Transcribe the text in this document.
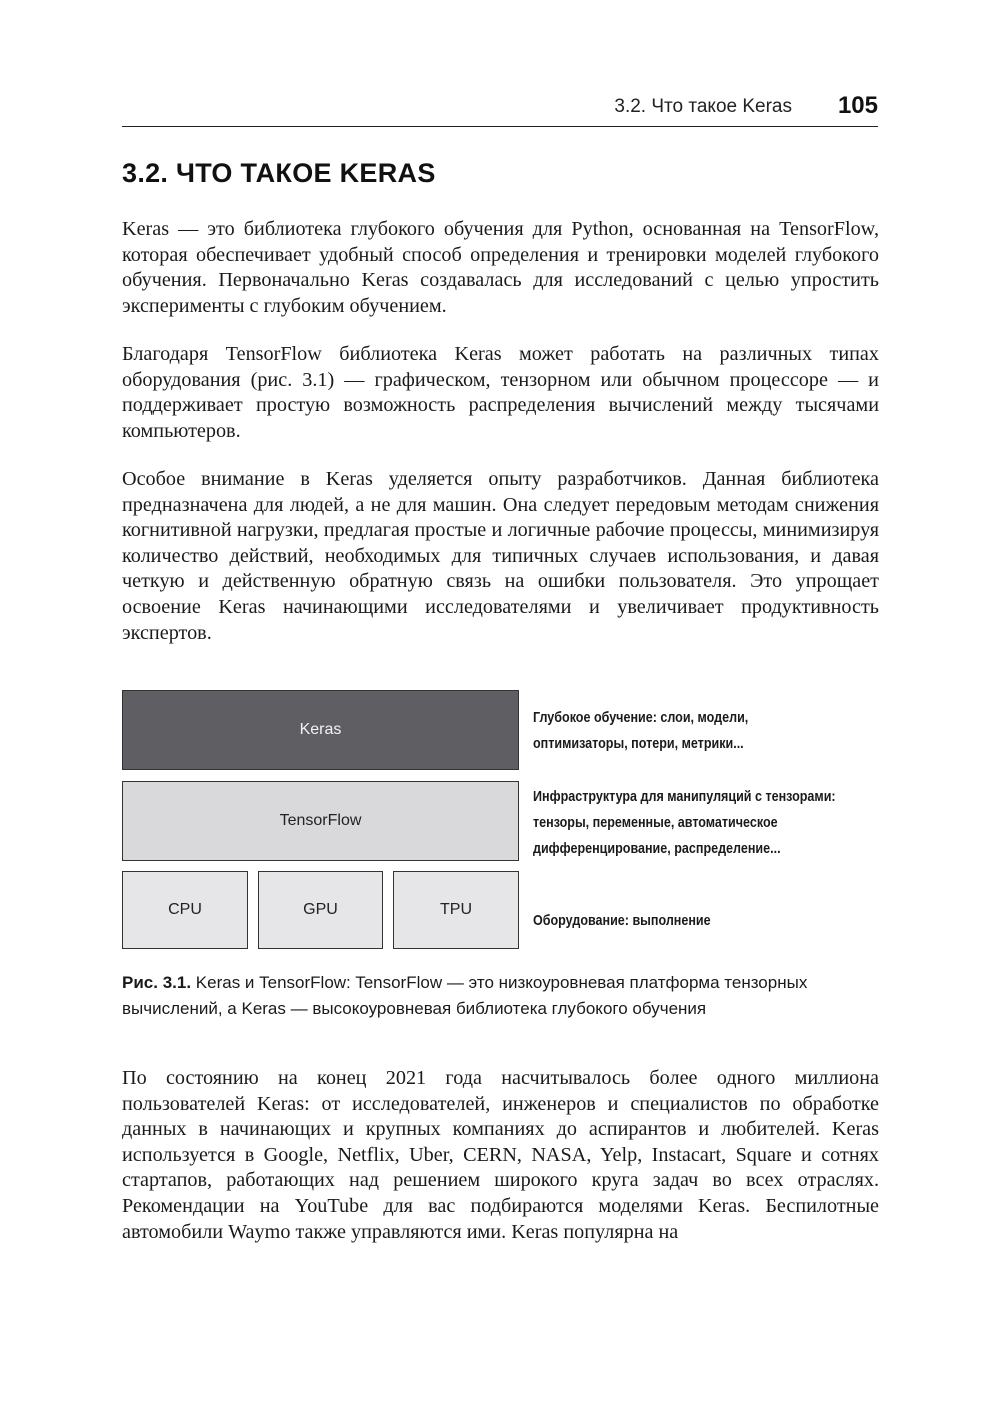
3.2. Что такое Keras 105
3.2. ЧТО ТАКОЕ KERAS

Keras — это библиотека глубокого обучения для Python, основанная на TensorFlow, которая обеспечивает удобный способ определения и тренировки моделей глубокого обучения. Первоначально Keras создавалась для исследований с целью упростить эксперименты с глубоким обучением.

Благодаря TensorFlow библиотека Keras может работать на различных типах оборудования (рис. 3.1) — графическом, тензорном или обычном процессоре — и поддерживает простую возможность распределения вычислений между тысячами компьютеров.

Особое внимание в Keras уделяется опыту разработчиков. Данная библиотека предназначена для людей, а не для машин. Она следует передовым методам снижения когнитивной нагрузки, предлагая простые и логичные рабочие процессы, минимизируя количество действий, необходимых для типичных случаев использования, и давая четкую и действенную обратную связь на ошибки пользователя. Это упрощает освоение Keras начинающими исследователями и увеличивает продуктивность экспертов.

Keras
TensorFlow
CPU	GPU	TPU

Глубокое обучение: слои, модели,
оптимизаторы, потери, метрики...

Инфраструктура для манипуляций с тензорами:
тензоры, переменные, автоматическое
дифференцирование, распределение...

Оборудование: выполнение

Рис. 3.1. Keras и TensorFlow: TensorFlow — это низкоуровневая платформа тензорных вычислений, а Keras — высокоуровневая библиотека глубокого обучения

По состоянию на конец 2021 года насчитывалось более одного миллиона пользователей Keras: от исследователей, инженеров и специалистов по обработке данных в начинающих и крупных компаниях до аспирантов и любителей. Keras используется в Google, Netflix, Uber, CERN, NASA, Yelp, Instacart, Square и сотнях стартапов, работающих над решением широкого круга задач во всех отраслях. Рекомендации на YouTube для вас подбираются моделями Keras. Беспилотные автомобили Waymo также управляются ими. Keras популярна на
